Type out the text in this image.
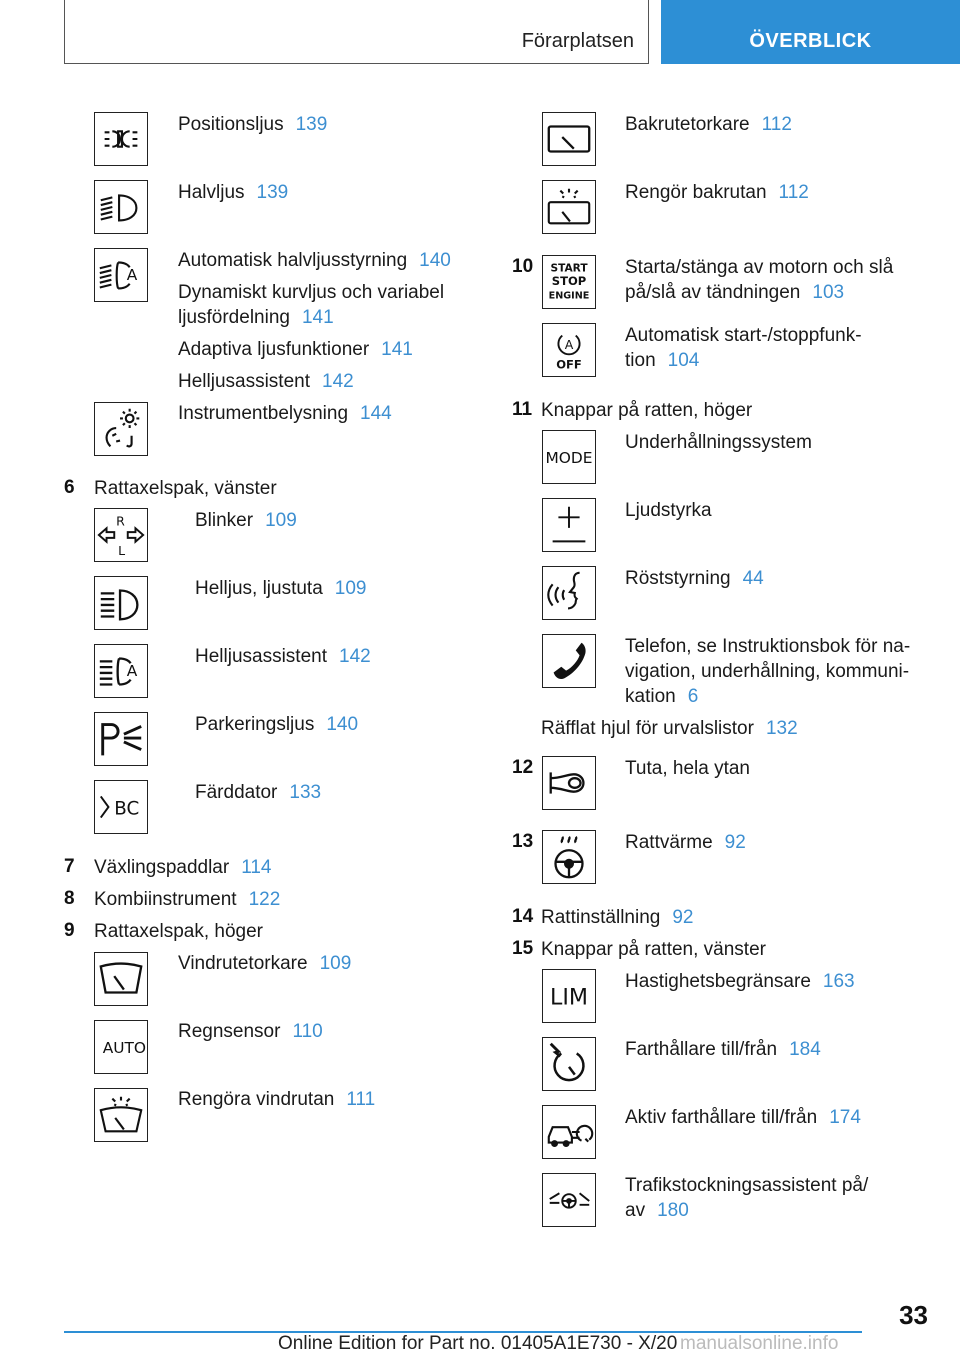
Förarplatsen	ÖVERBLICK
Positionsljus 139
Halvljus 139
A
Automatisk halvljusstyrning 140
Dynamiskt kurvljus och variabel
ljusfördelning 141
Adaptiva ljusfunktioner 141
Helljusassistent 142
Instrumentbelysning 144
6 Rattaxelspak, vänster
R
L
Blinker 109
Helljus, ljustuta 109
A
Helljusassistent 142
Parkeringsljus 140
BC
Färddator 133
7 Växlingspaddlar 114
8 Kombiinstrument 122
9 Rattaxelspak, höger
Vindrutetorkare 109
AUTO
Regnsensor 110
Rengöra vindrutan 111
Bakrutetorkare 112
Rengör bakrutan 112
10 START
STOP
ENGINE
Starta/stänga av motorn och slå
på/slå av tändningen 103
A
OFF
Automatisk start-/stoppfunk-
tion 104
11 Knappar på ratten, höger
MODE
Underhållningssystem
Ljudstyrka
Röststyrning 44
Telefon, se Instruktionsbok för na-
vigation, underhållning, kommuni-
kation 6
Räfflat hjul för urvalslistor 132
12	Tuta, hela ytan
13	Rattvärme 92
14 Rattinställning 92
15 Knappar på ratten, vänster
LIM
Hastighetsbegränsare 163
Farthållare till/från 184
Aktiv farthållare till/från 174
Trafikstockningsassistent på/
av 180
33
Online Edition for Part no. 01405A1E730 - X/20 manualsonline.info
